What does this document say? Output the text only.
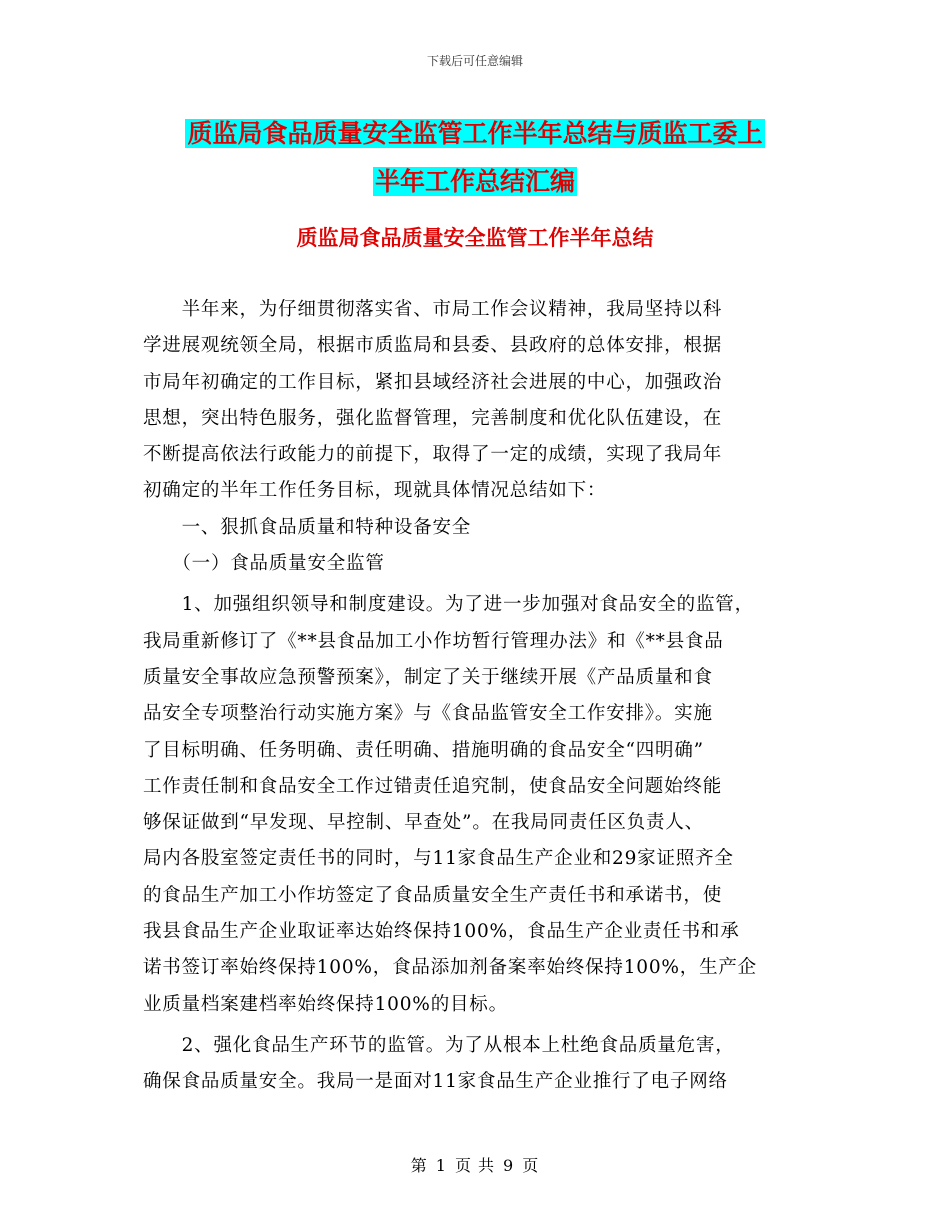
下载后可任意编辑
质监局食品质量安全监管工作半年总结与质监工委上
半年工作总结汇编
质监局食品质量安全监管工作半年总结

　　半年来，为仔细贯彻落实省、市局工作会议精神，我局坚持以科

学进展观统领全局，根据市质监局和县委、县政府的总体安排，根据

市局年初确定的工作目标，紧扣县域经济社会进展的中心，加强政治

思想，突出特色服务，强化监督管理，完善制度和优化队伍建设，在

不断提高依法行政能力的前提下，取得了一定的成绩，实现了我局年

初确定的半年工作任务目标，现就具体情况总结如下：

　　一、狠抓食品质量和特种设备安全

　　（一）食品质量安全监管

　　1、加强组织领导和制度建设。为了进一步加强对食品安全的监管，

我局重新修订了《**县食品加工小作坊暂行管理办法》和《**县食品

质量安全事故应急预警预案》，制定了关于继续开展《产品质量和食

品安全专项整治行动实施方案》与《食品监管安全工作安排》。实施

了目标明确、任务明确、责任明确、措施明确的食品安全“四明确”

工作责任制和食品安全工作过错责任追究制，使食品安全问题始终能

够保证做到“早发现、早控制、早查处”。在我局同责任区负责人、

局内各股室签定责任书的同时，与11家食品生产企业和29家证照齐全

的食品生产加工小作坊签定了食品质量安全生产责任书和承诺书，使

我县食品生产企业取证率达始终保持100%，食品生产企业责任书和承

诺书签订率始终保持100%，食品添加剂备案率始终保持100%，生产企

业质量档案建档率始终保持100%的目标。

　　2、强化食品生产环节的监管。为了从根本上杜绝食品质量危害，

确保食品质量安全。我局一是面对11家食品生产企业推行了电子网络

第 1 页 共 9 页
